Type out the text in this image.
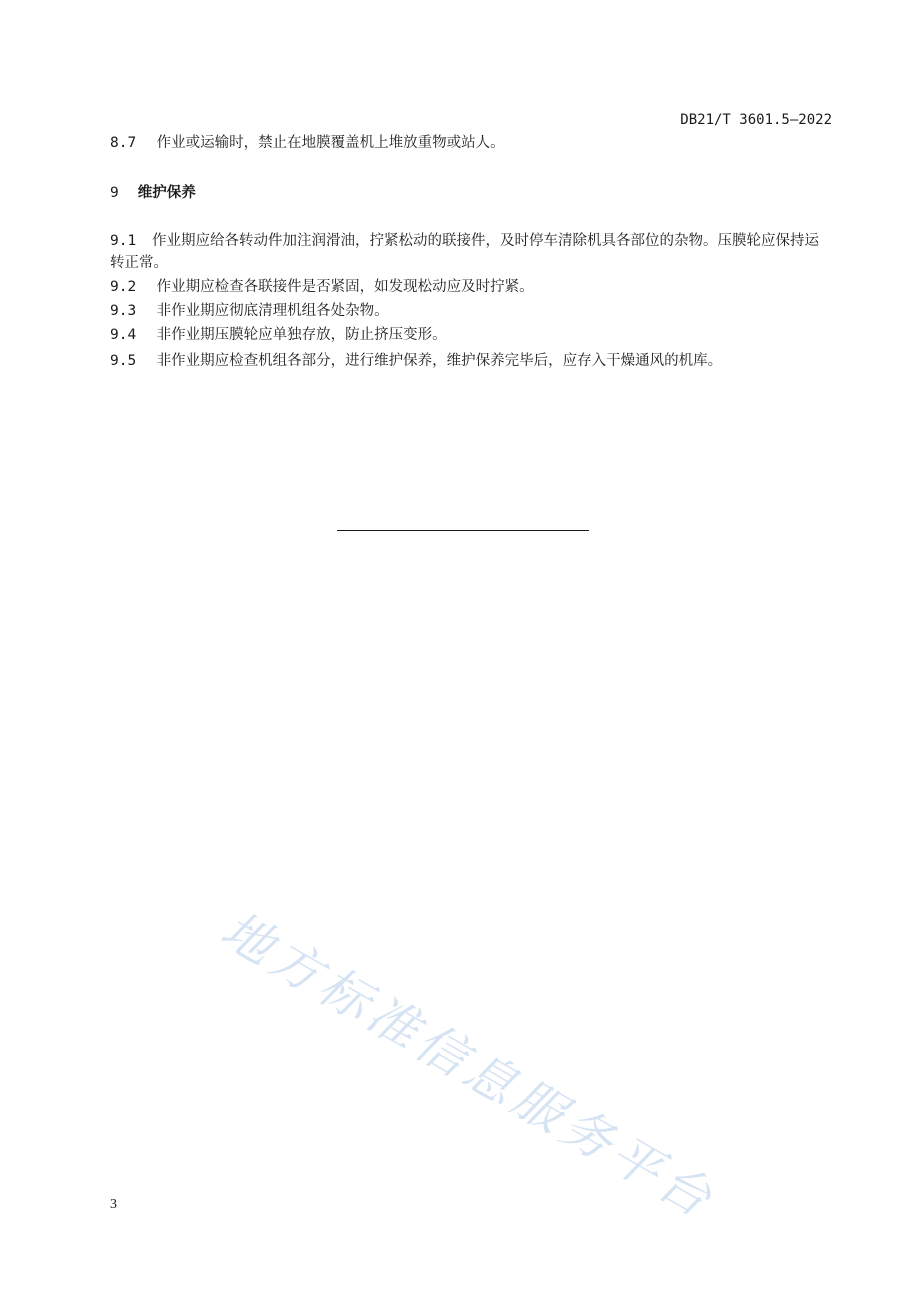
DB21/T 3601.5—2022
8.7 作业或运输时，禁止在地膜覆盖机上堆放重物或站人。
9 维护保养
9.1 作业期应给各转动件加注润滑油，拧紧松动的联接件，及时停车清除机具各部位的杂物。压膜轮应保持运转正常。
9.2 作业期应检查各联接件是否紧固，如发现松动应及时拧紧。
9.3 非作业期应彻底清理机组各处杂物。
9.4 非作业期压膜轮应单独存放，防止挤压变形。
9.5 非作业期应检查机组各部分，进行维护保养，维护保养完毕后，应存入干燥通风的机库。
地方标准信息服务平台
3
